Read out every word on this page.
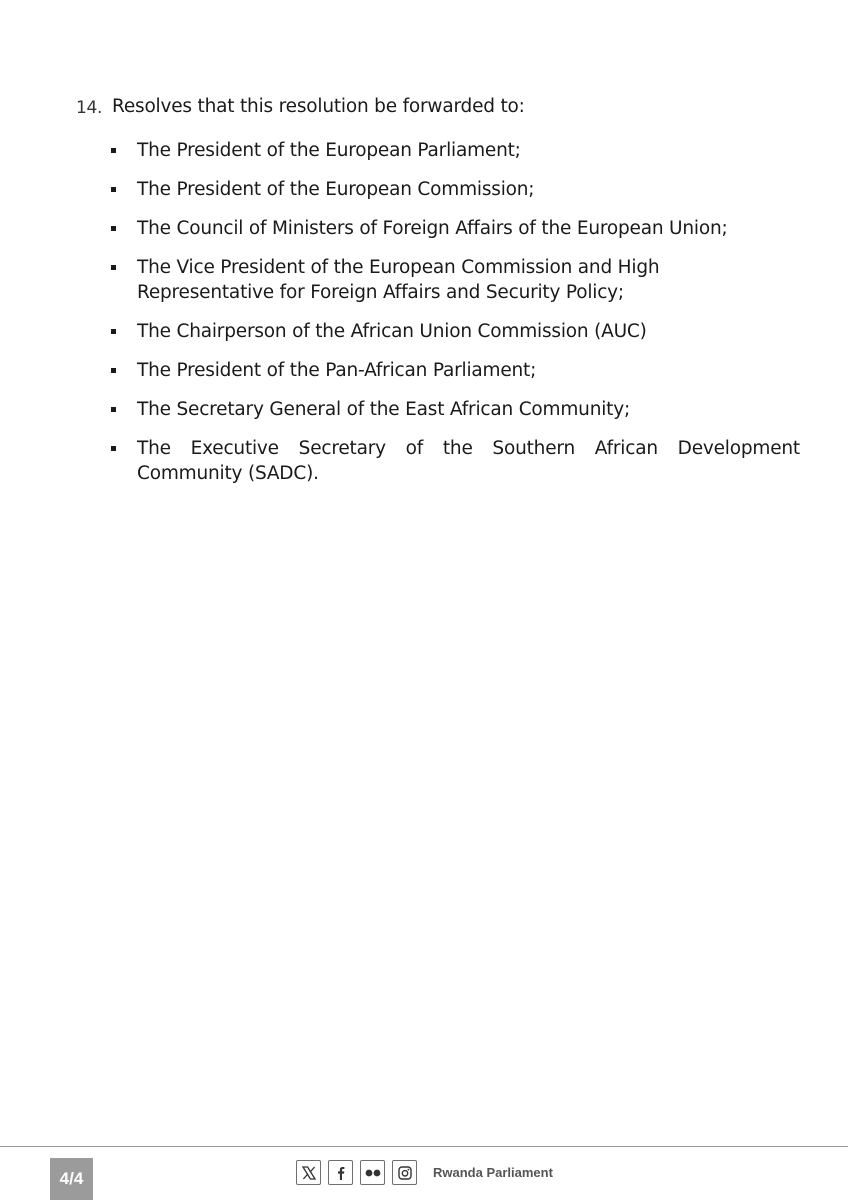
14. Resolves that this resolution be forwarded to:
The President of the European Parliament;
The President of the European Commission;
The Council of Ministers of Foreign Affairs of the European Union;
The Vice President of the European Commission and High Representative for Foreign Affairs and Security Policy;
The Chairperson of the African Union Commission (AUC)
The President of the Pan-African Parliament;
The Secretary General of the East African Community;
The Executive Secretary of the Southern African Development Community (SADC).
4/4	Rwanda Parliament
